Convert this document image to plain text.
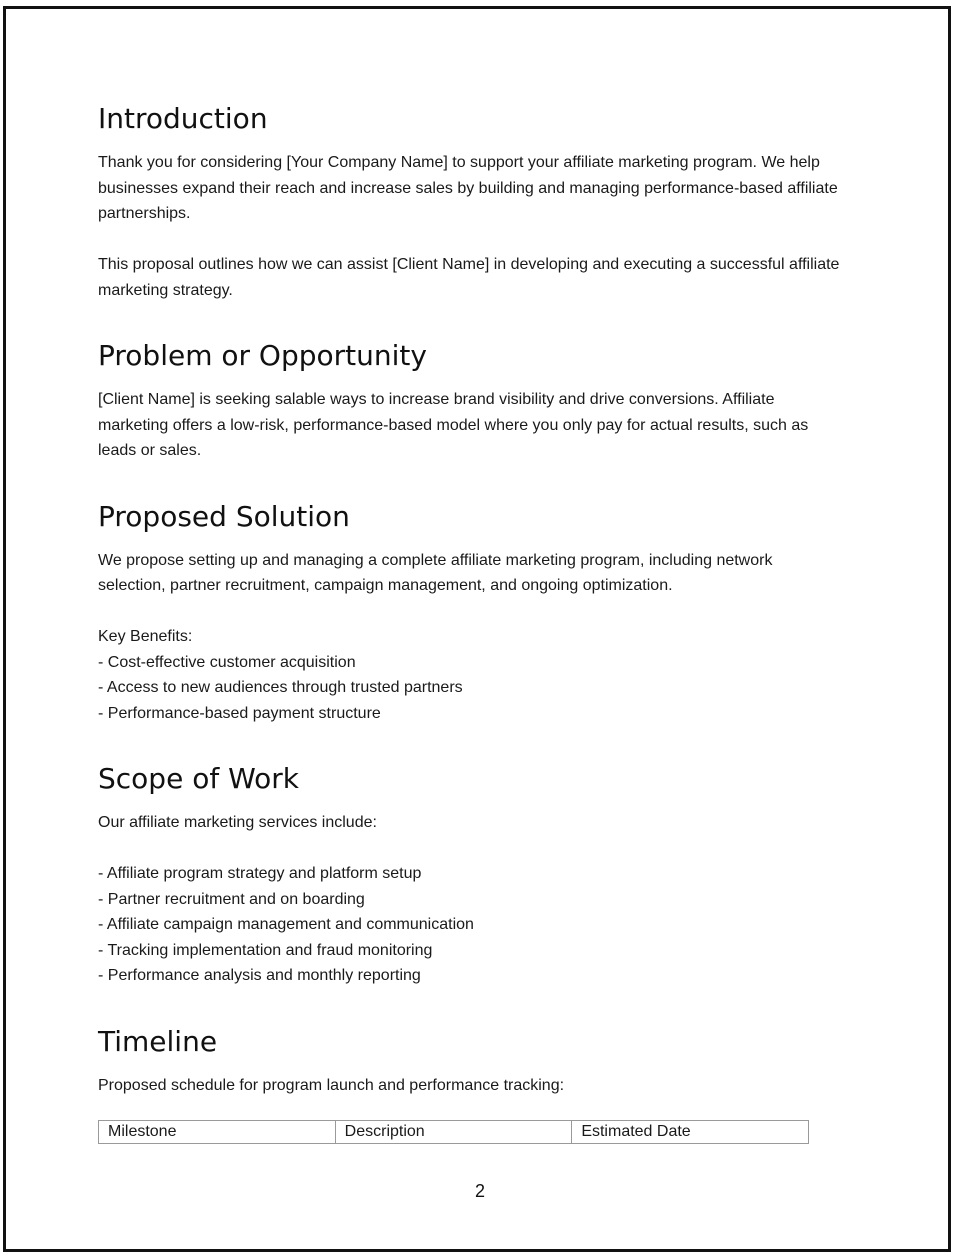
Introduction

Thank you for considering [Your Company Name] to support your affiliate marketing program. We help
businesses expand their reach and increase sales by building and managing performance-based affiliate
partnerships.

This proposal outlines how we can assist [Client Name] in developing and executing a successful affiliate
marketing strategy.

Problem or Opportunity

[Client Name] is seeking salable ways to increase brand visibility and drive conversions. Affiliate
marketing offers a low-risk, performance-based model where you only pay for actual results, such as
leads or sales.

Proposed Solution

We propose setting up and managing a complete affiliate marketing program, including network
selection, partner recruitment, campaign management, and ongoing optimization.

Key Benefits:
- Cost-effective customer acquisition
- Access to new audiences through trusted partners
- Performance-based payment structure

Scope of Work

Our affiliate marketing services include:

- Affiliate program strategy and platform setup
- Partner recruitment and on boarding
- Affiliate campaign management and communication
- Tracking implementation and fraud monitoring
- Performance analysis and monthly reporting

Timeline

Proposed schedule for program launch and performance tracking:

Milestone	Description	Estimated Date
2
